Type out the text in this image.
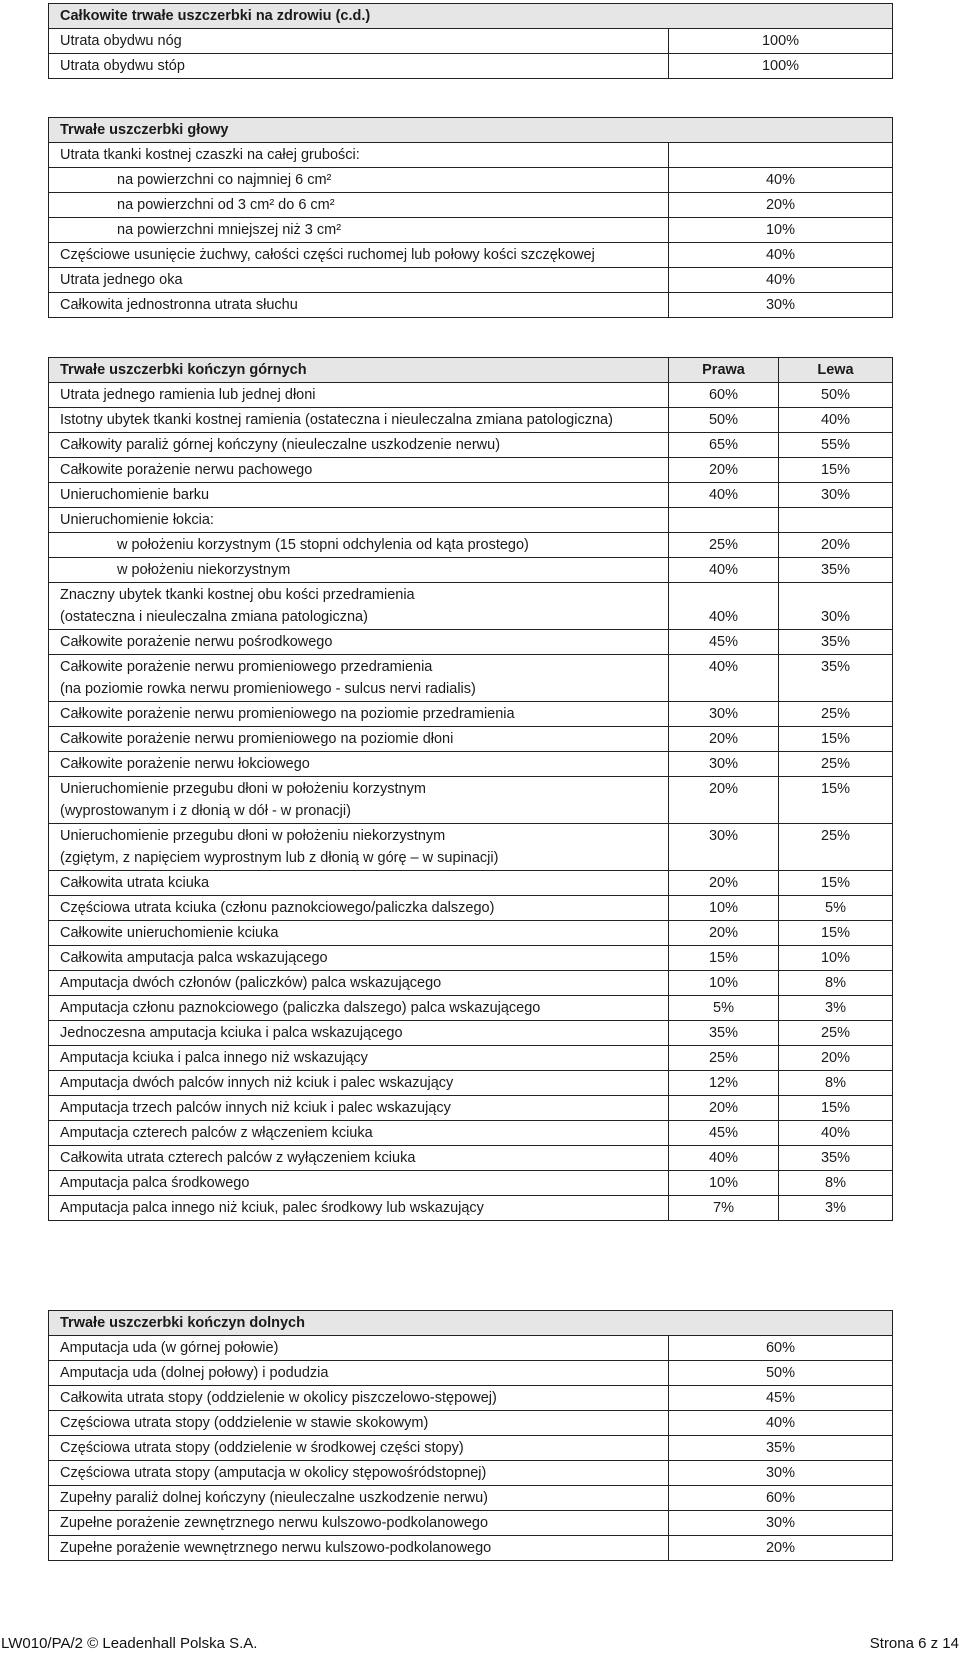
Całkowite trwałe uszczerbki na zdrowiu (c.d.)	
Utrata obydwu nóg	100%
Utrata obydwu stóp	100%
Trwałe uszczerbki głowy	
Utrata tkanki kostnej czaszki na całej grubości:	
na powierzchni co najmniej 6 cm²	40%
na powierzchni od 3 cm² do 6 cm²	20%
na powierzchni mniejszej niż 3 cm²	10%
Częściowe usunięcie żuchwy, całości części ruchomej lub połowy kości szczękowej	40%
Utrata jednego oka	40%
Całkowita jednostronna utrata słuchu	30%
Trwałe uszczerbki kończyn górnych	Prawa	Lewa
Utrata jednego ramienia lub jednej dłoni	60%	50%
Istotny ubytek tkanki kostnej ramienia (ostateczna i nieuleczalna zmiana patologiczna)	50%	40%
Całkowity paraliż górnej kończyny (nieuleczalne uszkodzenie nerwu)	65%	55%
Całkowite porażenie nerwu pachowego	20%	15%
Unieruchomienie barku	40%	30%
Unieruchomienie łokcia:		
w położeniu korzystnym (15 stopni odchylenia od kąta prostego)	25%	20%
w położeniu niekorzystnym	40%	35%

Znaczny ubytek tkanki kostnej obu kości przedramienia
(ostateczna i nieuleczalna zmiana patologiczna)	40%	30%
Całkowite porażenie nerwu pośrodkowego	45%	35%

Całkowite porażenie nerwu promieniowego przedramienia
(na poziomie rowka nerwu promieniowego - sulcus nervi radialis)	40%	35%
Całkowite porażenie nerwu promieniowego na poziomie przedramienia	30%	25%
Całkowite porażenie nerwu promieniowego na poziomie dłoni	20%	15%
Całkowite porażenie nerwu łokciowego	30%	25%

Unieruchomienie przegubu dłoni w położeniu korzystnym
(wyprostowanym i z dłonią w dół - w pronacji)	20%	15%

Unieruchomienie przegubu dłoni w położeniu niekorzystnym
(zgiętym, z napięciem wyprostnym lub z dłonią w górę – w supinacji)	30%	25%
Całkowita utrata kciuka	20%	15%
Częściowa utrata kciuka (członu paznokciowego/paliczka dalszego)	10%	5%
Całkowite unieruchomienie kciuka	20%	15%
Całkowita amputacja palca wskazującego	15%	10%
Amputacja dwóch członów (paliczków) palca wskazującego	10%	8%
Amputacja członu paznokciowego (paliczka dalszego) palca wskazującego	5%	3%
Jednoczesna amputacja kciuka i palca wskazującego	35%	25%
Amputacja kciuka i palca innego niż wskazujący	25%	20%
Amputacja dwóch palców innych niż kciuk i palec wskazujący	12%	8%
Amputacja trzech palców innych niż kciuk i palec wskazujący	20%	15%
Amputacja czterech palców z włączeniem kciuka	45%	40%
Całkowita utrata czterech palców z wyłączeniem kciuka	40%	35%
Amputacja palca środkowego	10%	8%
Amputacja palca innego niż kciuk, palec środkowy lub wskazujący	7%	3%
Trwałe uszczerbki kończyn dolnych	
Amputacja uda (w górnej połowie)	60%
Amputacja uda (dolnej połowy) i podudzia	50%
Całkowita utrata stopy (oddzielenie w okolicy piszczelowo-stępowej)	45%
Częściowa utrata stopy (oddzielenie w stawie skokowym)	40%
Częściowa utrata stopy (oddzielenie w środkowej części stopy)	35%
Częściowa utrata stopy (amputacja w okolicy stępowośródstopnej)	30%
Zupełny paraliż dolnej kończyny (nieuleczalne uszkodzenie nerwu)	60%
Zupełne porażenie zewnętrznego nerwu kulszowo-podkolanowego	30%
Zupełne porażenie wewnętrznego nerwu kulszowo-podkolanowego	20%
LW010/PA/2 © Leadenhall Polska S.A.	Strona 6 z 14
